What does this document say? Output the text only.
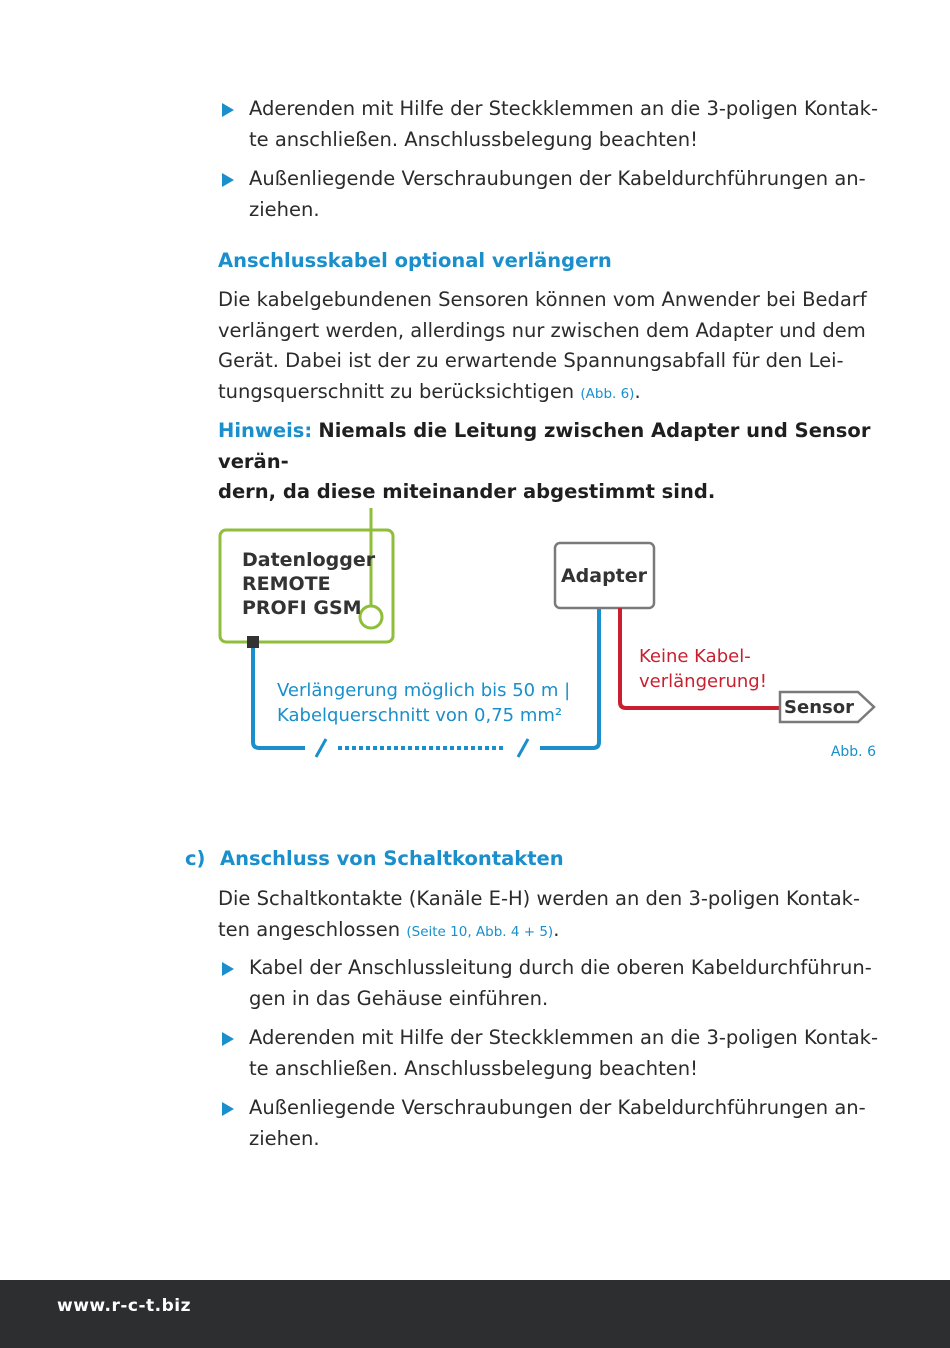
Aderenden mit Hilfe der Steckklemmen an die 3-poligen Kontak-
te anschließen. Anschlussbelegung beachten!
Außenliegende Verschraubungen der Kabeldurchführungen an-
ziehen.
Anschlusskabel optional verlängern
Die kabelgebundenen Sensoren können vom Anwender bei Bedarf
verlängert werden, allerdings nur zwischen dem Adapter und dem
Gerät. Dabei ist der zu erwartende Spannungsabfall für den Lei-
tungsquerschnitt zu berücksichtigen (Abb. 6).
Hinweis: Niemals die Leitung zwischen Adapter und Sensor verän-
dern, da diese miteinander abgestimmt sind.
Datenlogger
REMOTE
PROFI GSM
Adapter
Sensor
Verlängerung möglich bis 50 m |
Kabelquerschnitt von 0,75 mm²
Keine Kabel-
verlängerung!
Abb. 6
c) Anschluss von Schaltkontakten
Die Schaltkontakte (Kanäle E-H) werden an den 3-poligen Kontak-
ten angeschlossen (Seite 10, Abb. 4 + 5).
Kabel der Anschlussleitung durch die oberen Kabeldurchführun-
gen in das Gehäuse einführen.
Aderenden mit Hilfe der Steckklemmen an die 3-poligen Kontak-
te anschließen. Anschlussbelegung beachten!
Außenliegende Verschraubungen der Kabeldurchführungen an-
ziehen.
www.r-c-t.biz
